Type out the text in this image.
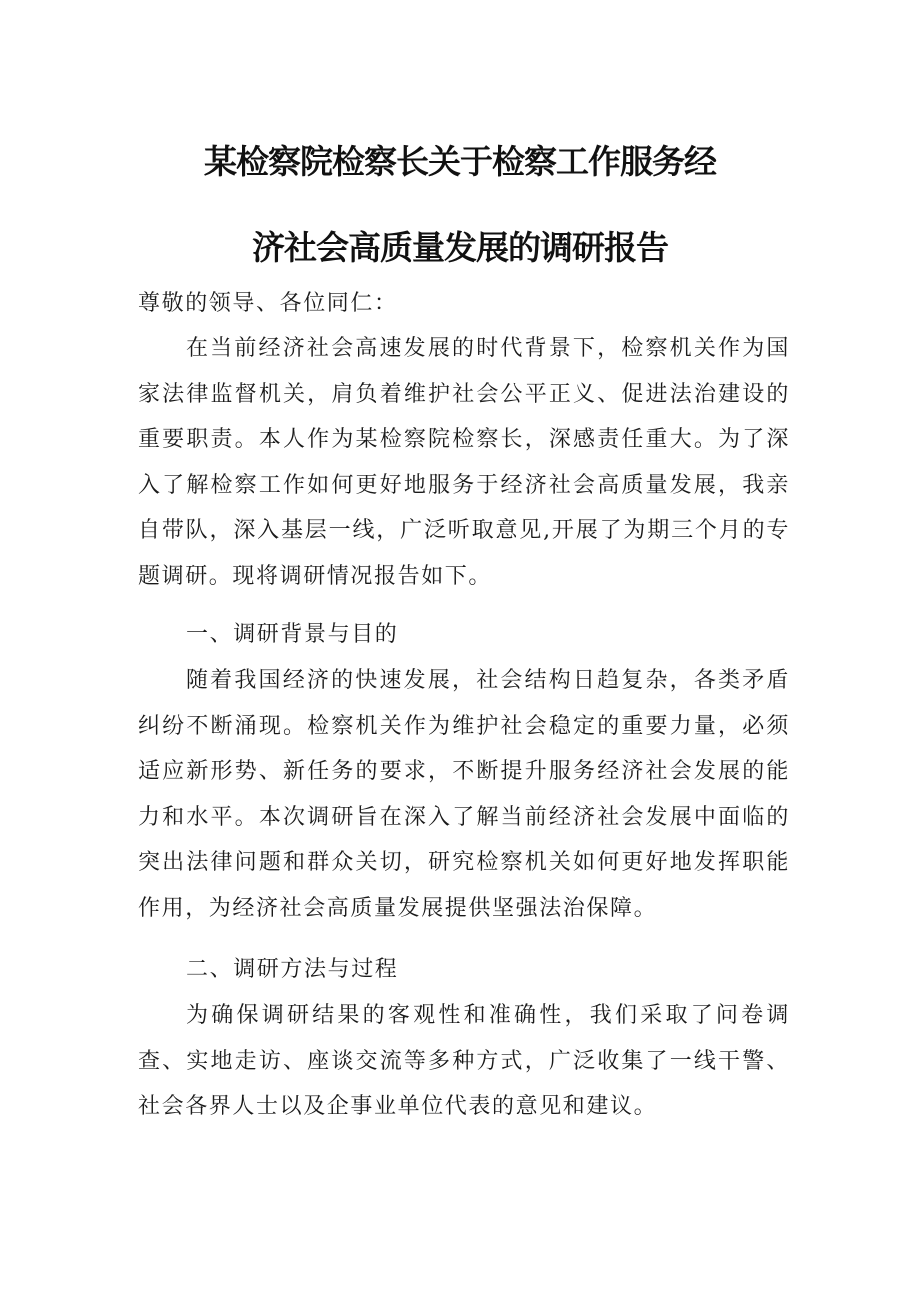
某检察院检察长关于检察工作服务经
济社会高质量发展的调研报告

尊敬的领导、各位同仁：

在当前经济社会高速发展的时代背景下，检察机关作为国家法律监督机关，肩负着维护社会公平正义、促进法治建设的重要职责。本人作为某检察院检察长，深感责任重大。为了深入了解检察工作如何更好地服务于经济社会高质量发展，我亲自带队，深入基层一线，广泛听取意见,开展了为期三个月的专题调研。现将调研情况报告如下。

一、调研背景与目的

随着我国经济的快速发展，社会结构日趋复杂，各类矛盾纠纷不断涌现。检察机关作为维护社会稳定的重要力量，必须适应新形势、新任务的要求，不断提升服务经济社会发展的能力和水平。本次调研旨在深入了解当前经济社会发展中面临的突出法律问题和群众关切，研究检察机关如何更好地发挥职能作用，为经济社会高质量发展提供坚强法治保障。

二、调研方法与过程

为确保调研结果的客观性和准确性，我们采取了问卷调查、实地走访、座谈交流等多种方式，广泛收集了一线干警、社会各界人士以及企事业单位代表的意见和建议。
